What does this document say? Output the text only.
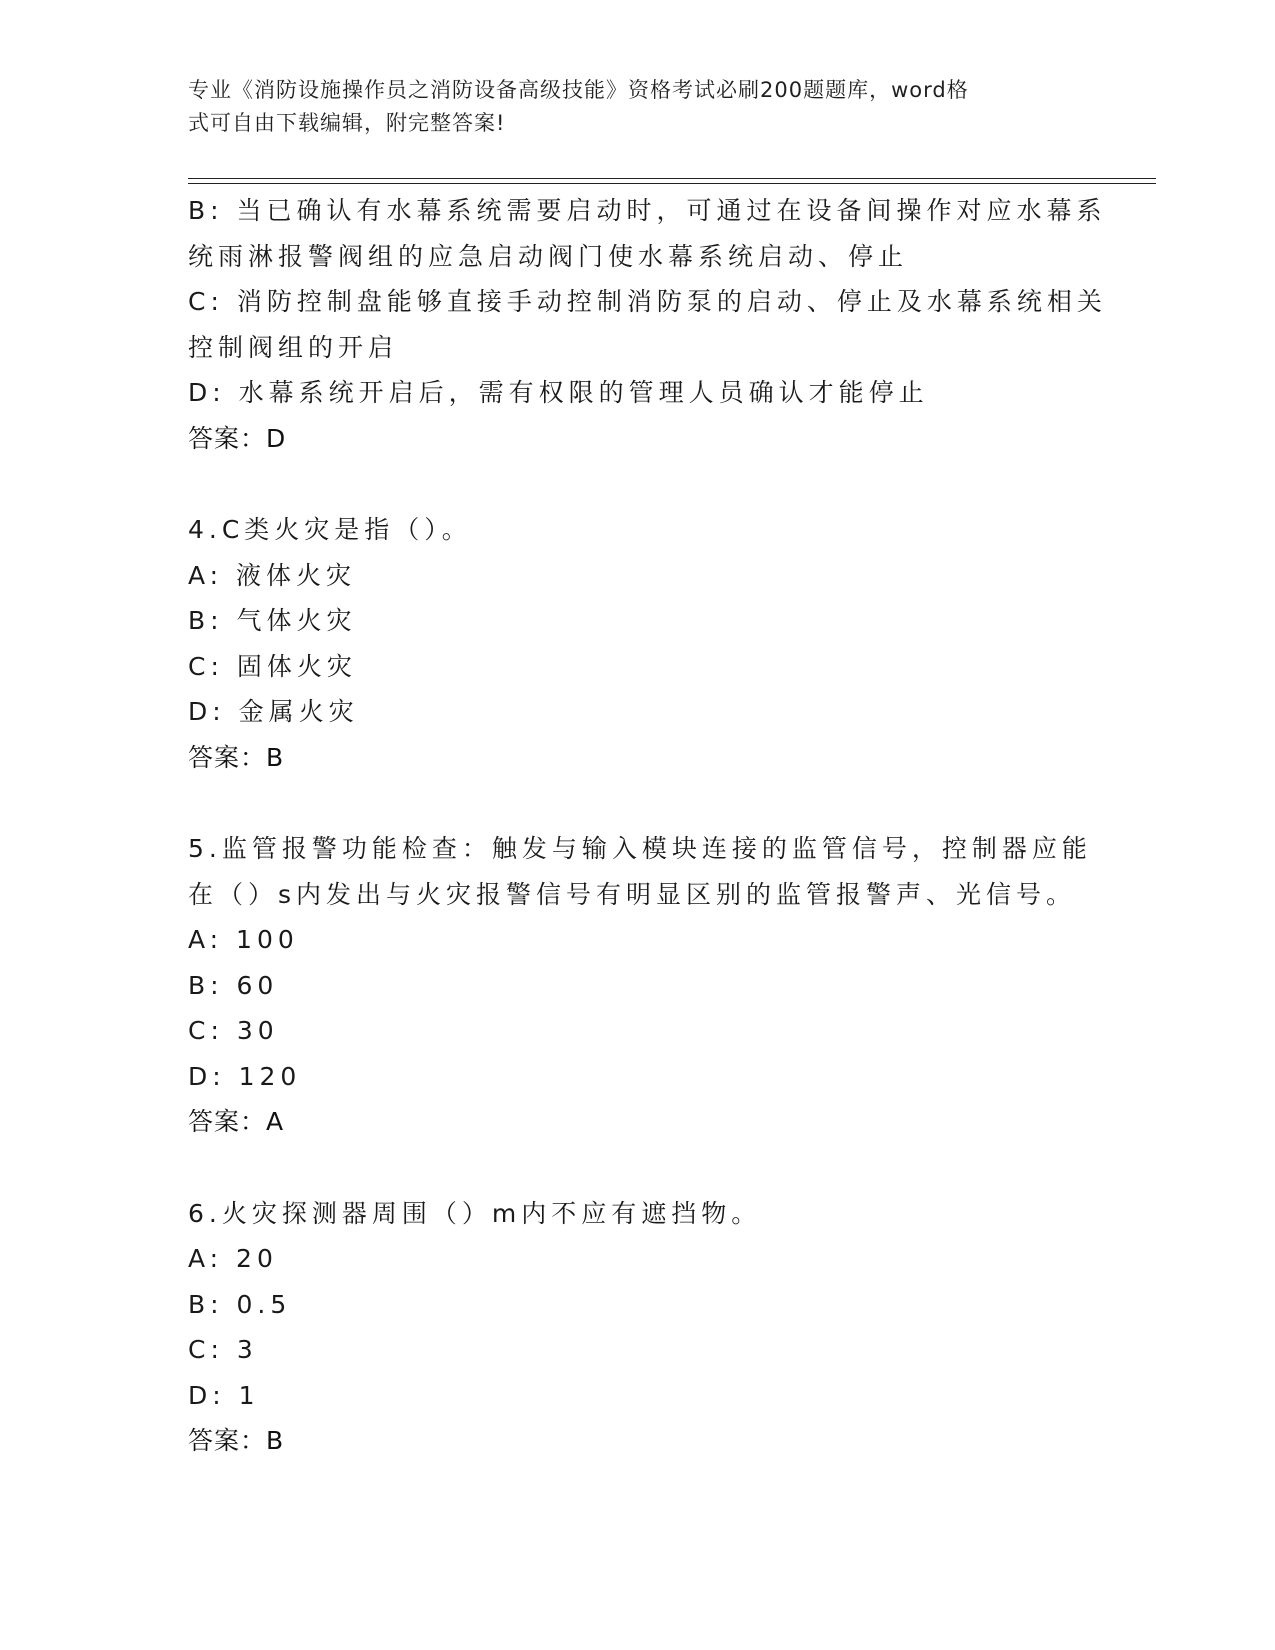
专业《消防设施操作员之消防设备高级技能》资格考试必刷200题题库，word格
式可自由下载编辑，附完整答案!
B: 当已确认有水幕系统需要启动时，可通过在设备间操作对应水幕系
统雨淋报警阀组的应急启动阀门使水幕系统启动、停止
C: 消防控制盘能够直接手动控制消防泵的启动、停止及水幕系统相关
控制阀组的开启
D: 水幕系统开启后，需有权限的管理人员确认才能停止
答案：D
4.C类火灾是指（）。
A: 液体火灾
B: 气体火灾
C: 固体火灾
D: 金属火灾
答案：B
5.监管报警功能检查：触发与输入模块连接的监管信号，控制器应能
在（）s内发出与火灾报警信号有明显区别的监管报警声、光信号。
A: 100
B: 60
C: 30
D: 120
答案：A
6.火灾探测器周围（）m内不应有遮挡物。
A: 20
B: 0.5
C: 3
D: 1
答案：B
